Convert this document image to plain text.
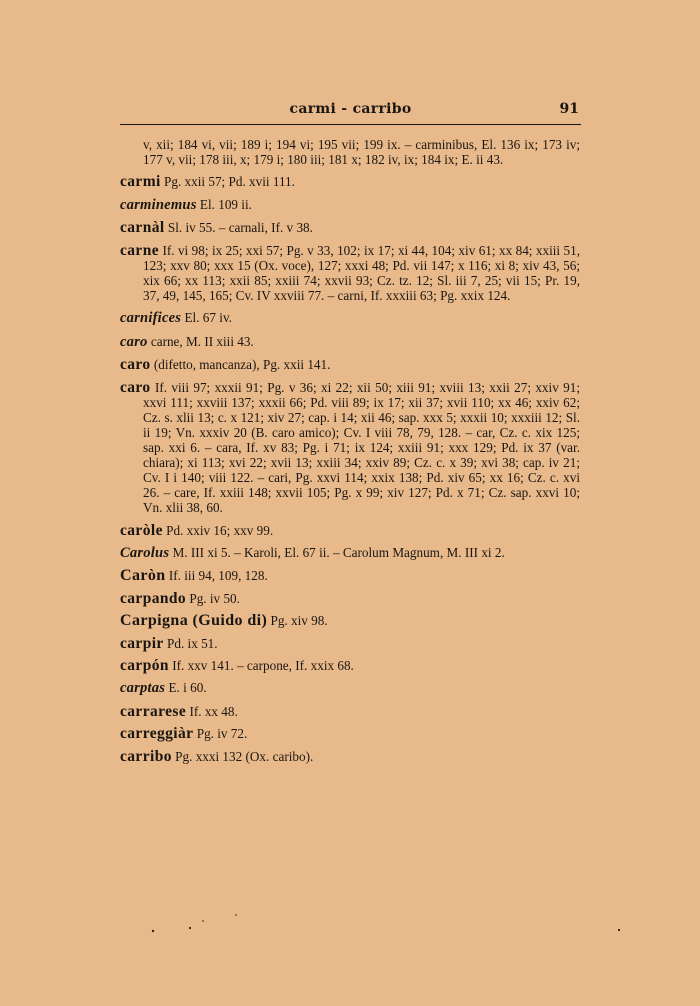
carmi - carribo	91

v, xii; 184 vi, vii; 189 i; 194 vi; 195 vii; 199 ix. – carminibus, El. 136 ix; 173 iv; 177 v, vii; 178 iii, x; 179 i; 180 iii; 181 x; 182 iv, ix; 184 ix; E. ii 43.

carmi Pg. xxii 57; Pd. xvii 111.

carminemus El. 109 ii.

carnàl Sl. iv 55. – carnali, If. v 38.

carne If. vi 98; ix 25; xxi 57; Pg. v 33, 102; ix 17; xi 44, 104; xiv 61; xx 84; xxiii 51, 123; xxv 80; xxx 15 (Ox. voce), 127; xxxi 48; Pd. vii 147; x 116; xi 8; xiv 43, 56; xix 66; xx 113; xxii 85; xxiii 74; xxvii 93; Cz. tz. 12; Sl. iii 7, 25; vii 15; Pr. 19, 37, 49, 145, 165; Cv. IV xxviii 77. – carni, If. xxxiii 63; Pg. xxix 124.

carnifices El. 67 iv.

caro carne, M. II xiii 43.

caro (difetto, mancanza), Pg. xxii 141.

caro If. viii 97; xxxii 91; Pg. v 36; xi 22; xii 50; xiii 91; xviii 13; xxii 27; xxiv 91; xxvi 111; xxviii 137; xxxii 66; Pd. viii 89; ix 17; xii 37; xvii 110; xx 46; xxiv 62; Cz. s. xlii 13; c. x 121; xiv 27; cap. i 14; xii 46; sap. xxx 5; xxxii 10; xxxiii 12; Sl. ii 19; Vn. xxxiv 20 (B. caro amico); Cv. I viii 78, 79, 128. – car, Cz. c. xix 125; sap. xxi 6. – cara, If. xv 83; Pg. i 71; ix 124; xxiii 91; xxx 129; Pd. ix 37 (var. chiara); xi 113; xvi 22; xvii 13; xxiii 34; xxiv 89; Cz. c. x 39; xvi 38; cap. iv 21; Cv. I i 140; viii 122. – cari, Pg. xxvi 114; xxix 138; Pd. xiv 65; xx 16; Cz. c. xvi 26. – care, If. xxiii 148; xxvii 105; Pg. x 99; xiv 127; Pd. x 71; Cz. sap. xxvi 10; Vn. xlii 38, 60.

caròle Pd. xxiv 16; xxv 99.

Carolus M. III xi 5. – Karoli, El. 67 ii. – Carolum Magnum, M. III xi 2.

Caròn If. iii 94, 109, 128.

carpando Pg. iv 50.

Carpigna (Guido di) Pg. xiv 98.

carpir Pd. ix 51.

carpón If. xxv 141. – carpone, If. xxix 68.

carptas E. i 60.

carrarese If. xx 48.

carreggiàr Pg. iv 72.

carribo Pg. xxxi 132 (Ox. caribo).
